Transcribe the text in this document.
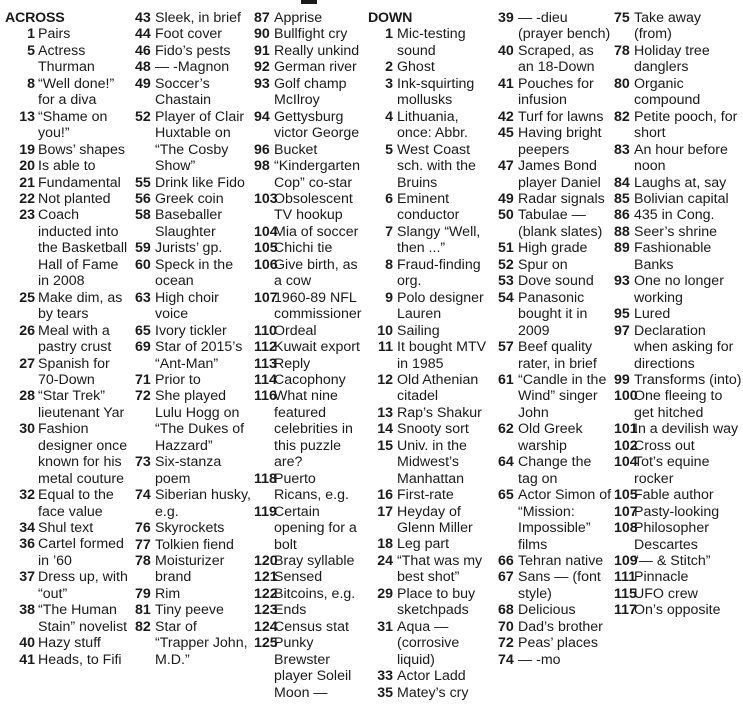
ACROSS
1 Pairs
5 Actress Thurman
8 “Well done!” for a diva
13 “Shame on you!”
19 Bows’ shapes
20 Is able to
21 Fundamental
22 Not planted
23 Coach inducted into the Basketball Hall of Fame in 2008
25 Make dim, as by tears
26 Meal with a pastry crust
27 Spanish for 70-Down
28 “Star Trek” lieutenant Yar
30 Fashion designer once known for his metal couture
32 Equal to the face value
34 Shul text
36 Cartel formed in ’60
37 Dress up, with “out”
38 “The Human Stain” novelist
40 Hazy stuff
41 Heads, to Fifi
43 Sleek, in brief
44 Foot cover
46 Fido’s pests
48 — -Magnon
49 Soccer’s Chastain
52 Player of Clair Huxtable on “The Cosby Show”
55 Drink like Fido
56 Greek coin
58 Baseballer Slaughter
59 Jurists’ gp.
60 Speck in the ocean
63 High choir voice
65 Ivory tickler
69 Star of 2015’s “Ant-Man”
71 Prior to
72 She played Lulu Hogg on “The Dukes of Hazzard”
73 Six-stanza poem
74 Siberian husky, e.g.
76 Skyrockets
77 Tolkien fiend
78 Moisturizer brand
79 Rim
81 Tiny peeve
82 Star of “Trapper John, M.D.”
87 Apprise
90 Bullfight cry
91 Really unkind
92 German river
93 Golf champ McIlroy
94 Gettysburg victor George
96 Bucket
98 “Kindergarten Cop” co-star
103
Obsolescent TV hookup
104
Mia of soccer
105
Chichi tie
106
Give birth, as a cow
107
1960-89 NFL commissioner
110
Ordeal
112
Kuwait export
113
Reply
114
Cacophony
116
What nine featured celebrities in this puzzle are?
118
Puerto Ricans, e.g.
119
Certain opening for a bolt
120
Bray syllable
121
Sensed
122
Bitcoins, e.g.
123
Ends
124
Census stat
125
Punky Brewster player Soleil Moon —
DOWN
1 Mic-testing sound
2 Ghost
3 Ink-squirting mollusks
4 Lithuania, once: Abbr.
5 West Coast sch. with the Bruins
6 Eminent conductor
7 Slangy “Well, then ...”
8 Fraud-finding org.
9 Polo designer Lauren
10 Sailing
11 It bought MTV in 1985
12 Old Athenian citadel
13 Rap’s Shakur
14 Snooty sort
15 Univ. in the Midwest’s Manhattan
16 First-rate
17 Heyday of Glenn Miller
18 Leg part
24 “That was my best shot”
29 Place to buy sketchpads
31 Aqua — (corrosive liquid)
33 Actor Ladd
35 Matey’s cry
39 — -dieu (prayer bench)
40 Scraped, as an 18-Down
41 Pouches for infusion
42 Turf for lawns
45 Having bright peepers
47 James Bond player Daniel
49 Radar signals
50 Tabulae — (blank slates)
51 High grade
52 Spur on
53 Dove sound
54 Panasonic bought it in 2009
57 Beef quality rater, in brief
61 “Candle in the Wind” singer John
62 Old Greek warship
64 Change the tag on
65 Actor Simon of “Mission: Impossible” films
66 Tehran native
67 Sans — (font style)
68 Delicious
70 Dad’s brother
72 Peas’ places
74 — -mo
75 Take away (from)
78 Holiday tree danglers
80 Organic compound
82 Petite pooch, for short
83 An hour before noon
84 Laughs at, say
85 Bolivian capital
86 435 in Cong.
88 Seer’s shrine
89 Fashionable Banks
93 One no longer working
95 Lured
97 Declaration when asking for directions
99 Transforms (into)
100
One fleeing to get hitched
101
In a devilish way
102
Cross out
104
Tot’s equine rocker
105
Fable author
107
Pasty-looking
108
Philosopher Descartes
109
“— & Stitch”
111
Pinnacle
115
UFO crew
117
On’s opposite
